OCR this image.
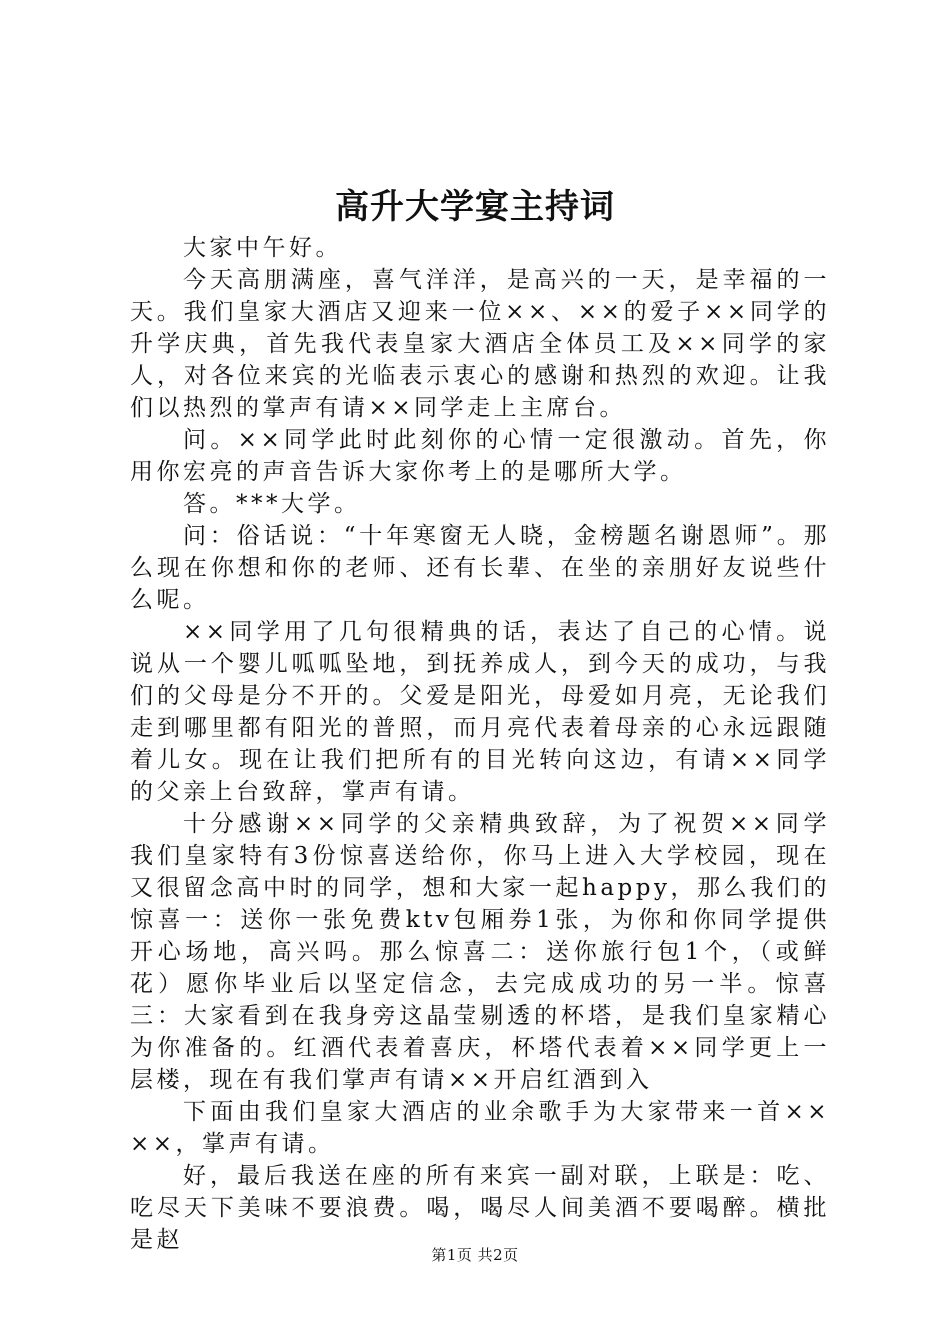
高升大学宴主持词

大家中午好。

今天高朋满座，喜气洋洋，是高兴的一天，是幸福的一天。我们皇家大酒店又迎来一位××、××的爱子××同学的升学庆典，首先我代表皇家大酒店全体员工及××同学的家人，对各位来宾的光临表示衷心的感谢和热烈的欢迎。让我们以热烈的掌声有请××同学走上主席台。

问。××同学此时此刻你的心情一定很激动。首先，你用你宏亮的声音告诉大家你考上的是哪所大学。

答。***大学。

问：俗话说：“十年寒窗无人晓，金榜题名谢恩师”。那么现在你想和你的老师、还有长辈、在坐的亲朋好友说些什么呢。

××同学用了几句很精典的话，表达了自己的心情。说说从一个婴儿呱呱坠地，到抚养成人，到今天的成功，与我们的父母是分不开的。父爱是阳光，母爱如月亮，无论我们走到哪里都有阳光的普照，而月亮代表着母亲的心永远跟随着儿女。现在让我们把所有的目光转向这边，有请××同学的父亲上台致辞，掌声有请。

十分感谢××同学的父亲精典致辞，为了祝贺××同学我们皇家特有3份惊喜送给你，你马上进入大学校园，现在又很留念高中时的同学，想和大家一起happy，那么我们的惊喜一：送你一张免费ktv包厢券1张，为你和你同学提供开心场地，高兴吗。那么惊喜二：送你旅行包1个，（或鲜花）愿你毕业后以坚定信念，去完成成功的另一半。惊喜三：大家看到在我身旁这晶莹剔透的杯塔，是我们皇家精心为你准备的。红酒代表着喜庆，杯塔代表着××同学更上一层楼，现在有我们掌声有请××开启红酒到入

下面由我们皇家大酒店的业余歌手为大家带来一首××××，掌声有请。

好，最后我送在座的所有来宾一副对联，上联是：吃、吃尽天下美味不要浪费。喝，喝尽人间美酒不要喝醉。横批是赵

第1页 共2页
